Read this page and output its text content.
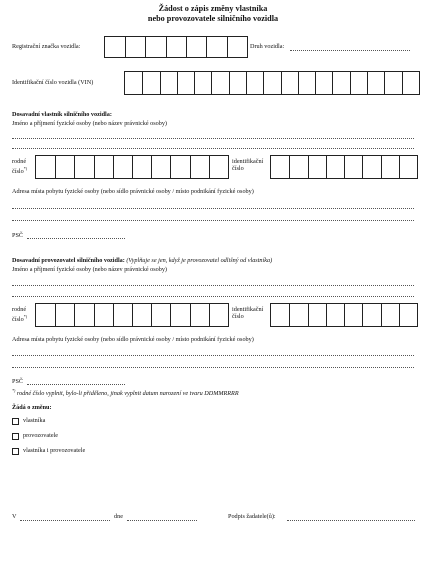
Žádost o zápis změny vlastníka
nebo provozovatele silničního vozidla
Registrační značka vozidla:	Druh vozidla:
Identifikační číslo vozidla (VIN)
Dosavadní vlastník silničního vozidla:
Jméno a příjmení fyzické osoby (nebo název právnické osoby)
rodné
číslo*)
identifikační
číslo
Adresa místa pobytu fyzické osoby (nebo sídlo právnické osoby / místo podnikání fyzické osoby)
PSČ
Dosavadní provozovatel silničního vozidla: (Vyplňuje se jen, když je provozovatel odlišný od vlastníka)
Jméno a příjmení fyzické osoby (nebo název právnické osoby)
rodné
číslo*)
identifikační
číslo
Adresa místa pobytu fyzické osoby (nebo sídlo právnické osoby / místo podnikání fyzické osoby)
PSČ
*) rodné číslo vyplnit, bylo-li přiděleno, jinak vyplnit datum narození ve tvaru DDMMRRRR
Žádá o změnu:
vlastníka
provozovatele
vlastníka i provozovatele
V	dne	Podpis žadatele(ů):
